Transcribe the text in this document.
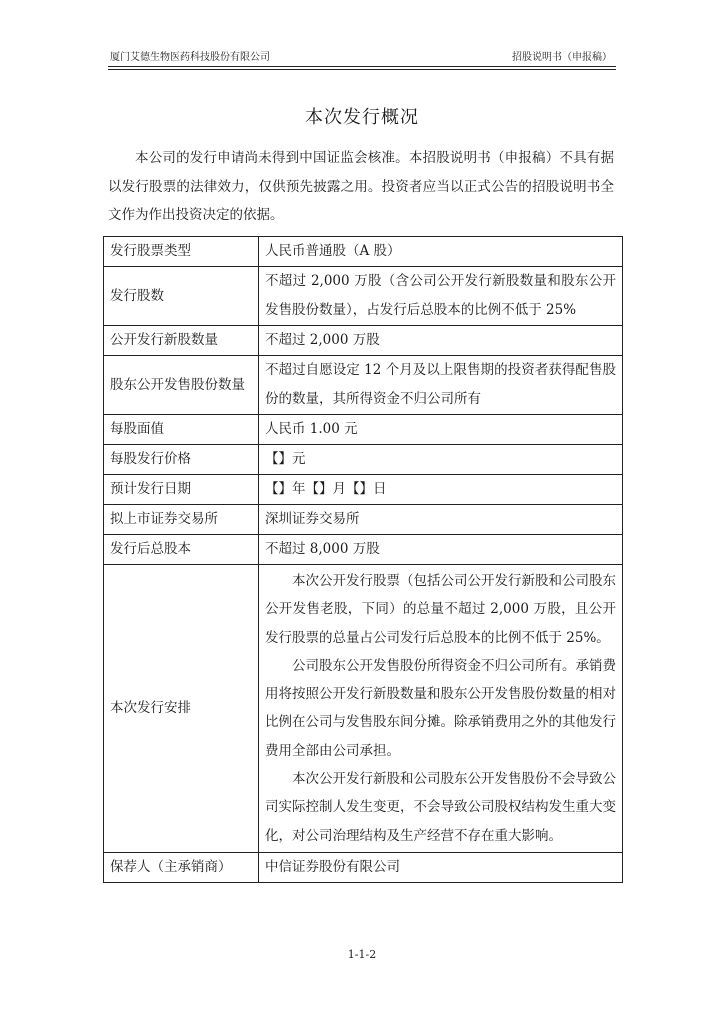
厦门艾德生物医药科技股份有限公司	招股说明书（申报稿）
本次发行概况
本公司的发行申请尚未得到中国证监会核准。本招股说明书（申报稿）不具有据以发行股票的法律效力，仅供预先披露之用。投资者应当以正式公告的招股说明书全文作为作出投资决定的依据。
发行股票类型	人民币普通股（A 股）
发行股数	不超过 2,000 万股（含公司公开发行新股数量和股东公开发售股份数量），占发行后总股本的比例不低于 25%
公开发行新股数量	不超过 2,000 万股
股东公开发售股份数量	不超过自愿设定 12 个月及以上限售期的投资者获得配售股份的数量，其所得资金不归公司所有
每股面值	人民币 1.00 元
每股发行价格	【】元
预计发行日期	【】年【】月【】日
拟上市证券交易所	深圳证券交易所
发行后总股本	不超过 8,000 万股
本次发行安排	本次公开发行股票（包括公司公开发行新股和公司股东公开发售老股，下同）的总量不超过 2,000 万股，且公开发行股票的总量占公司发行后总股本的比例不低于 25%。

公司股东公开发售股份所得资金不归公司所有。承销费用将按照公开发行新股数量和股东公开发售股份数量的相对比例在公司与发售股东间分摊。除承销费用之外的其他发行费用全部由公司承担。

本次公开发行新股和公司股东公开发售股份不会导致公司实际控制人发生变更，不会导致公司股权结构发生重大变化，对公司治理结构及生产经营不存在重大影响。

保荐人（主承销商）	中信证券股份有限公司
1-1-2
